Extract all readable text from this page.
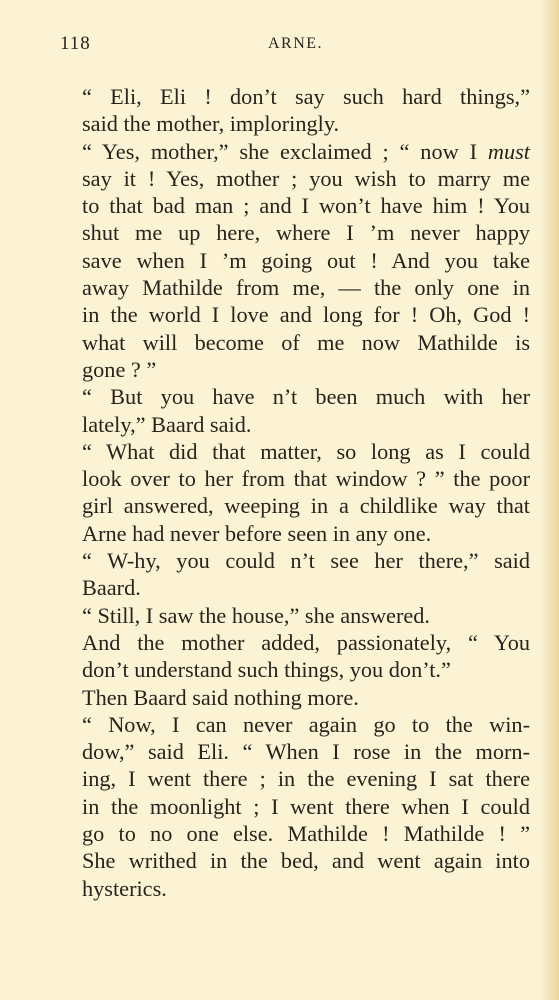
118	ARNE.

“ Eli, Eli ! don’t say such hard things,”
said the mother, imploringly.

“ Yes, mother,” she exclaimed ; “ now I must
say it ! Yes, mother ; you wish to marry me
to that bad man ; and I won’t have him ! You
shut me up here, where I ’m never happy
save when I ’m going out ! And you take
away Mathilde from me, — the only one in
in the world I love and long for ! Oh, God !
what will become of me now Mathilde is
gone ? ”

“ But you have n’t been much with her
lately,” Baard said.

“ What did that matter, so long as I could
look over to her from that window ? ” the poor
girl answered, weeping in a childlike way that
Arne had never before seen in any one.

“ W-hy, you could n’t see her there,” said
Baard.

“ Still, I saw the house,” she answered.

And the mother added, passionately, “ You
don’t understand such things, you don’t.”

Then Baard said nothing more.

“ Now, I can never again go to the win-
dow,” said Eli. “ When I rose in the morn-
ing, I went there ; in the evening I sat there
in the moonlight ; I went there when I could
go to no one else. Mathilde ! Mathilde ! ”
She writhed in the bed, and went again into
hysterics.
